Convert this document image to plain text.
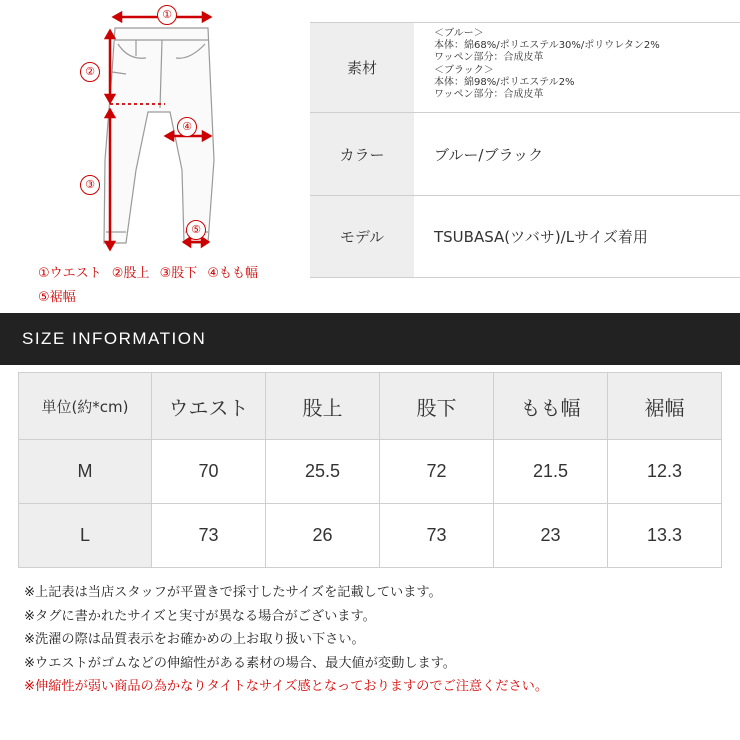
①
②
③
④
⑤
①ウエスト ②股上 ③股下 ④もも幅
⑤裾幅
素材
＜ブルー＞
本体：綿68%/ポリエステル30%/ポリウレタン2%
ワッペン部分：合成皮革
＜ブラック＞
本体：綿98%/ポリエステル2%
ワッペン部分：合成皮革
カラー	ブルー/ブラック
モデル	TSUBASA(ツバサ)/Lサイズ着用
SIZE INFORMATION
単位(約*cm)	ウエスト	股上	股下	もも幅	裾幅
M	70	25.5	72	21.5	12.3
L	73	26	73	23	13.3
※上記表は当店スタッフが平置きで採寸したサイズを記載しています。
※タグに書かれたサイズと実寸が異なる場合がございます。
※洗濯の際は品質表示をお確かめの上お取り扱い下さい。
※ウエストがゴムなどの伸縮性がある素材の場合、最大値が変動します。
※伸縮性が弱い商品の為かなりタイトなサイズ感となっておりますのでご注意ください。
